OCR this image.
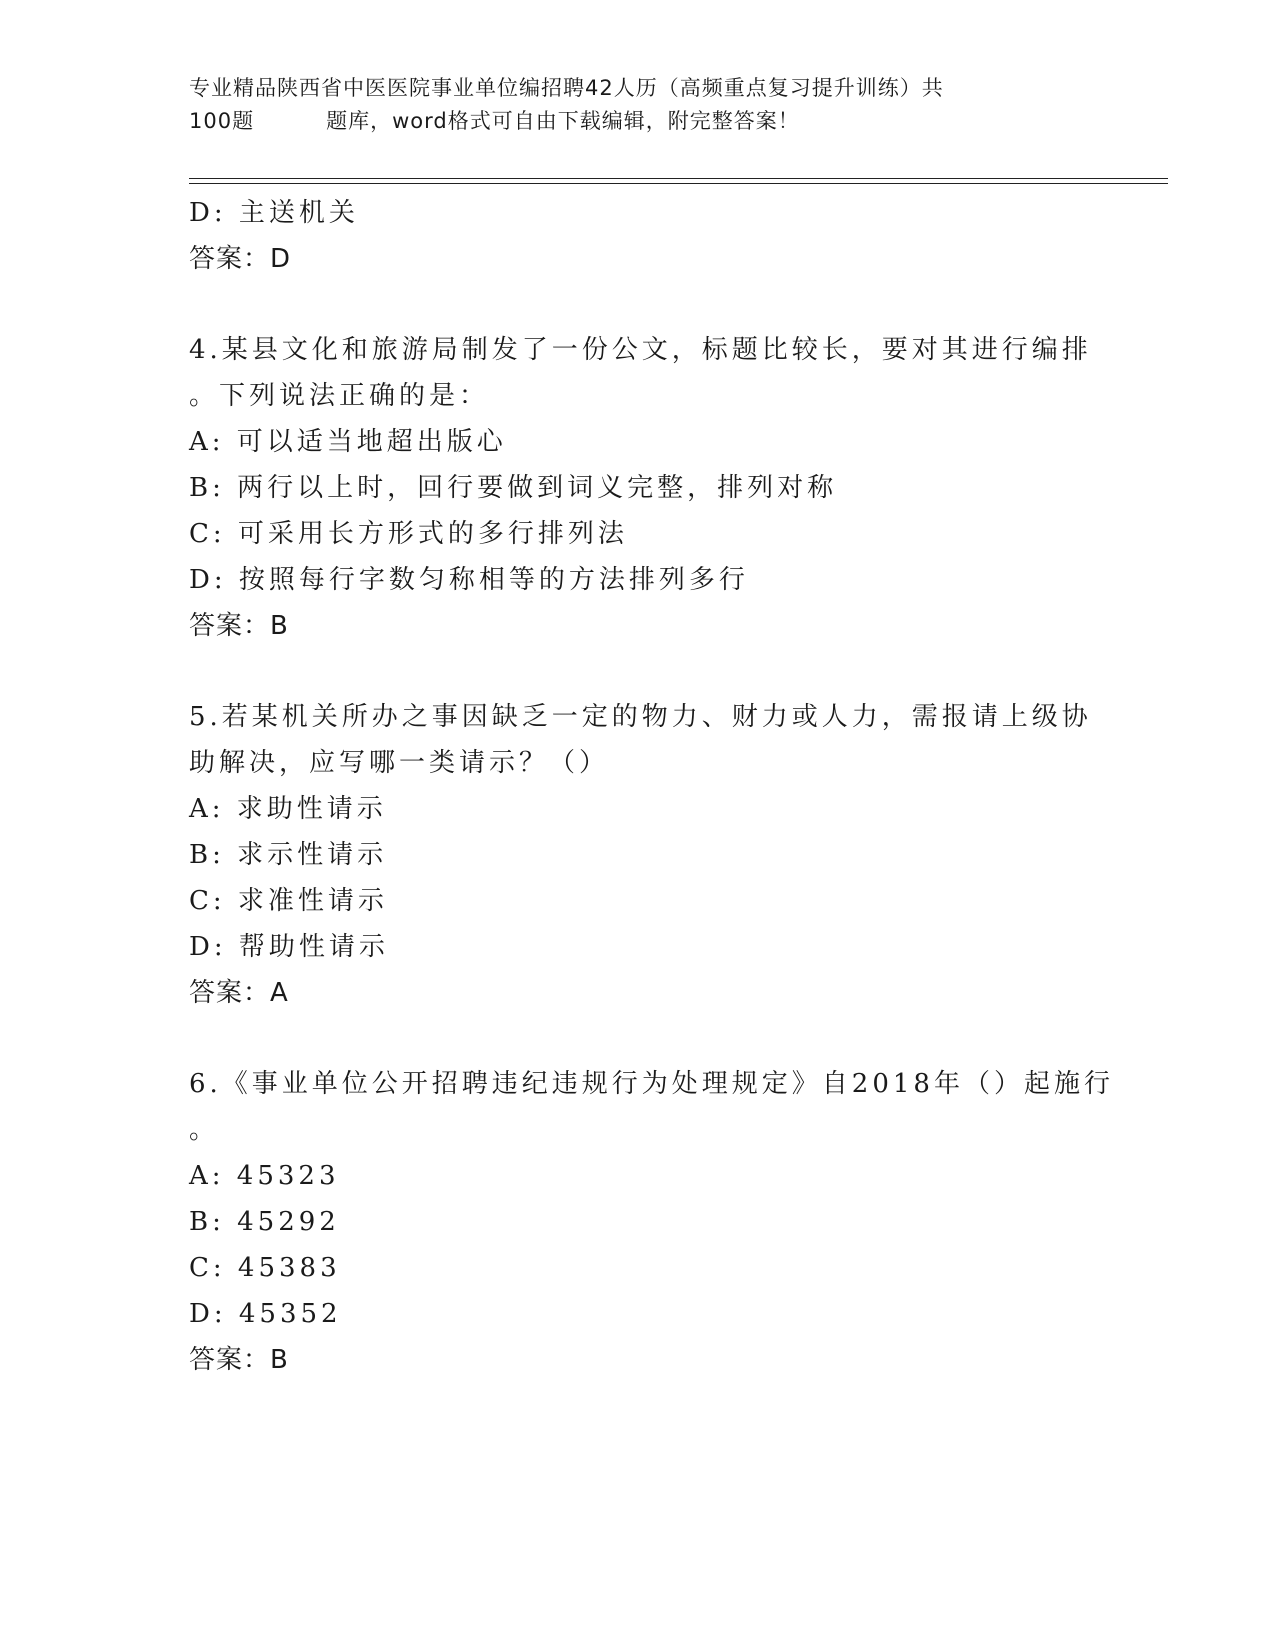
专业精品陕西省中医医院事业单位编招聘42人历（高频重点复习提升训练）共
100题	题库，word格式可自由下载编辑，附完整答案！
D: 主送机关
答案：D
4.某县文化和旅游局制发了一份公文，标题比较长，要对其进行编排
。下列说法正确的是：
A: 可以适当地超出版心
B: 两行以上时，回行要做到词义完整，排列对称
C: 可采用长方形式的多行排列法
D: 按照每行字数匀称相等的方法排列多行
答案：B
5.若某机关所办之事因缺乏一定的物力、财力或人力，需报请上级协
助解决，应写哪一类请示？（）
A: 求助性请示
B: 求示性请示
C: 求准性请示
D: 帮助性请示
答案：A
6.《事业单位公开招聘违纪违规行为处理规定》自2018年（）起施行
。
A: 45323
B: 45292
C: 45383
D: 45352
答案：B
